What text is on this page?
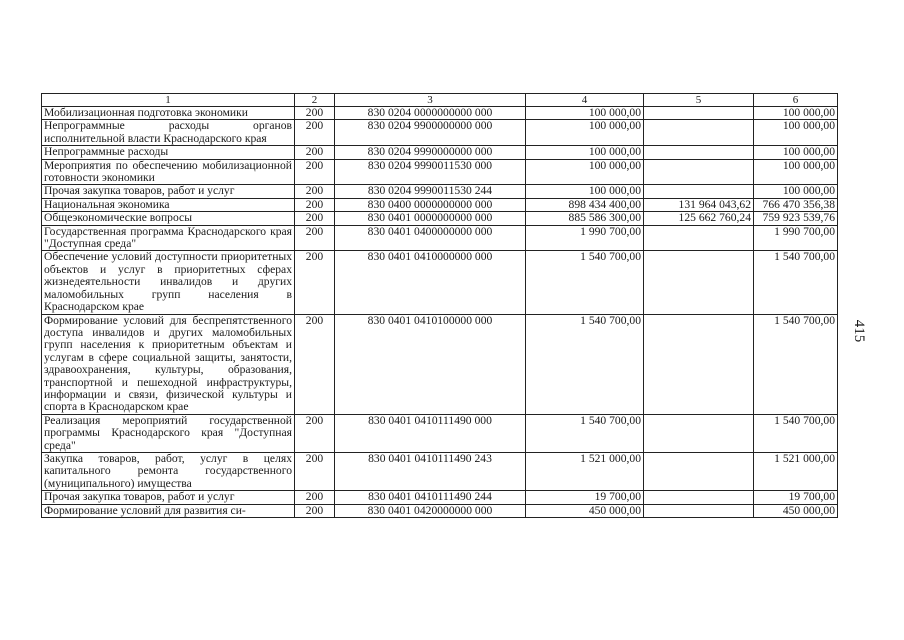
415
1	2	3	4	5	6
Мобилизационная подготовка экономики	200	830 0204 0000000000 000	100 000,00		100 000,00
Непрограммные расходы органов исполнительной власти Краснодарского края	200	830 0204 9900000000 000	100 000,00		100 000,00
Непрограммные расходы	200	830 0204 9990000000 000	100 000,00		100 000,00
Мероприятия по обеспечению мобилизационной готовности экономики	200	830 0204 9990011530 000	100 000,00		100 000,00
Прочая закупка товаров, работ и услуг	200	830 0204 9990011530 244	100 000,00		100 000,00
Национальная экономика	200	830 0400 0000000000 000	898 434 400,00	131 964 043,62	766 470 356,38
Общеэкономические вопросы	200	830 0401 0000000000 000	885 586 300,00	125 662 760,24	759 923 539,76
Государственная программа Краснодарского края "Доступная среда"	200	830 0401 0400000000 000	1 990 700,00		1 990 700,00
Обеспечение условий доступности приоритетных объектов и услуг в приоритетных сферах жизнедеятельности инвалидов и других маломобильных групп населения в Краснодарском крае	200	830 0401 0410000000 000	1 540 700,00		1 540 700,00
Формирование условий для беспрепятственного доступа инвалидов и других маломобильных групп населения к приоритетным объектам и услугам в сфере социальной защиты, занятости, здравоохранения, культуры, образования, транспортной и пешеходной инфраструктуры, информации и связи, физической культуры и спорта в Краснодарском крае	200	830 0401 0410100000 000	1 540 700,00		1 540 700,00
Реализация мероприятий государственной программы Краснодарского края "Доступная среда"	200	830 0401 0410111490 000	1 540 700,00		1 540 700,00
Закупка товаров, работ, услуг в целях капитального ремонта государственного (муниципального) имущества	200	830 0401 0410111490 243	1 521 000,00		1 521 000,00
Прочая закупка товаров, работ и услуг	200	830 0401 0410111490 244	19 700,00		19 700,00
Формирование условий для развития си-	200	830 0401 0420000000 000	450 000,00		450 000,00
